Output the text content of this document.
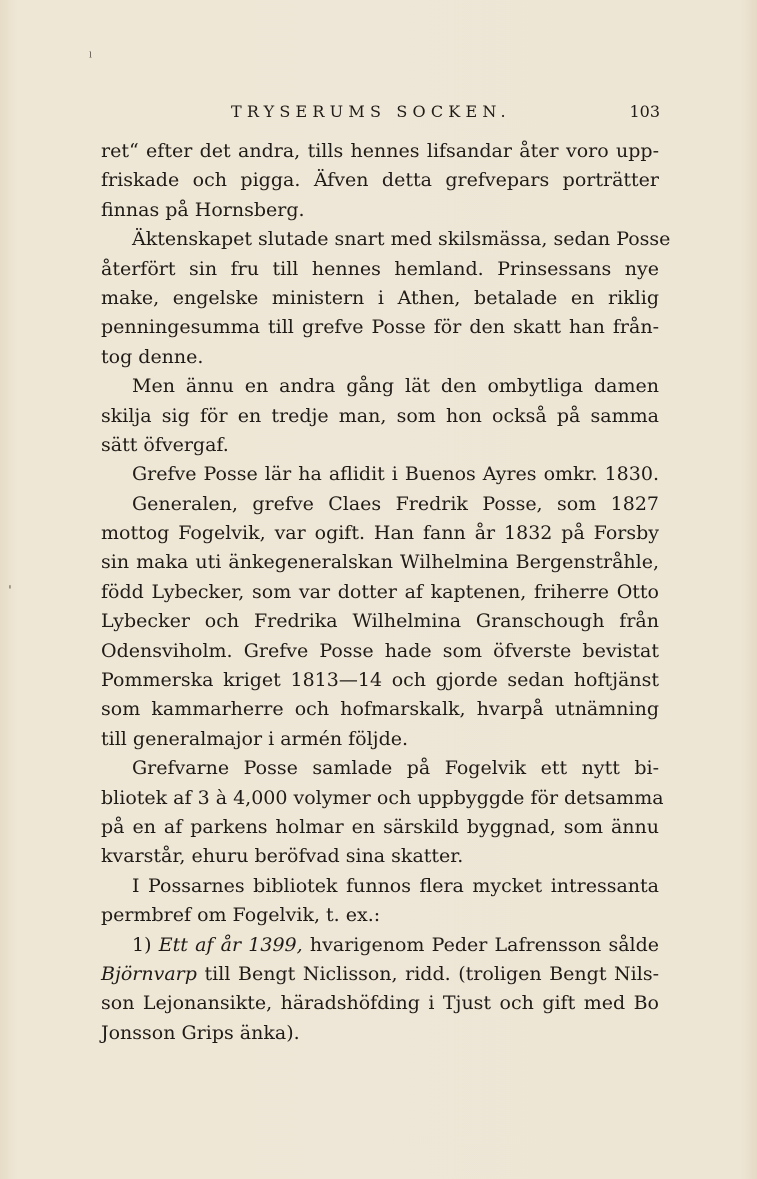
TRYSERUMS SOCKEN.	103
ret“ efter det andra, tills hennes lifsandar åter voro upp-
friskade och pigga. Äfven detta grefvepars porträtter
finnas på Hornsberg.
Äktenskapet slutade snart med skilsmässa, sedan Posse
återfört sin fru till hennes hemland. Prinsessans nye
make, engelske ministern i Athen, betalade en riklig
penningesumma till grefve Posse för den skatt han från-
tog denne.
Men ännu en andra gång lät den ombytliga damen
skilja sig för en tredje man, som hon också på samma
sätt öfvergaf.
Grefve Posse lär ha aflidit i Buenos Ayres omkr. 1830.
Generalen, grefve Claes Fredrik Posse, som 1827
mottog Fogelvik, var ogift. Han fann år 1832 på Forsby
sin maka uti änkegeneralskan Wilhelmina Bergenstråhle,
född Lybecker, som var dotter af kaptenen, friherre Otto
Lybecker och Fredrika Wilhelmina Granschough från
Odensviholm. Grefve Posse hade som öfverste bevistat
Pommerska kriget 1813—14 och gjorde sedan hoftjänst
som kammarherre och hofmarskalk, hvarpå utnämning
till generalmajor i armén följde.
Grefvarne Posse samlade på Fogelvik ett nytt bi-
bliotek af 3 à 4,000 volymer och uppbyggde för detsamma
på en af parkens holmar en särskild byggnad, som ännu
kvarstår, ehuru beröfvad sina skatter.
I Possarnes bibliotek funnos flera mycket intressanta
permbref om Fogelvik, t. ex.:
1) Ett af år 1399, hvarigenom Peder Lafrensson sålde
Björnvarp till Bengt Niclisson, ridd. (troligen Bengt Nils-
son Lejonansikte, häradshöfding i Tjust och gift med Bo
Jonsson Grips änka).
ˡ
ˌ
